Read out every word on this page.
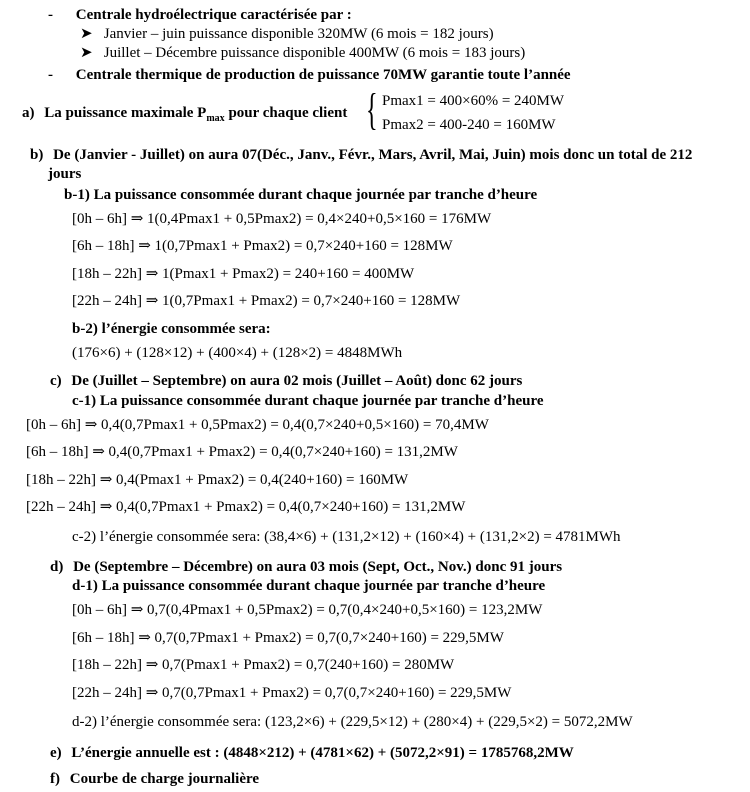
- Centrale hydroélectrique caractérisée par :
➤ Janvier – juin puissance disponible 320MW (6 mois = 182 jours)
➤ Juillet – Décembre puissance disponible 400MW (6 mois = 183 jours)
- Centrale thermique de production de puissance 70MW garantie toute l’année
a) La puissance maximale $P_{max}$ pour chaque client { Pmax1 = 400×60% = 240MW
Pmax2 = 400-240 = 160MW
b) De (Janvier - Juillet) on aura 07(Déc., Janv., Févr., Mars, Avril, Mai, Juin) mois donc un total de 212
jours
b-1) La puissance consommée durant chaque journée par tranche d’heure
[0h – 6h] ⇒ 1(0,4Pmax1 + 0,5Pmax2) = 0,4×240+0,5×160 = 176MW
[6h – 18h] ⇒ 1(0,7Pmax1 + Pmax2) = 0,7×240+160 = 128MW
[18h – 22h] ⇒ 1(Pmax1 + Pmax2) = 240+160 = 400MW
[22h – 24h] ⇒ 1(0,7Pmax1 + Pmax2) = 0,7×240+160 = 128MW
b-2) l’énergie consommée sera:
(176×6) + (128×12) + (400×4) + (128×2) = 4848MWh
c) De (Juillet – Septembre) on aura 02 mois (Juillet – Août) donc 62 jours
c-1) La puissance consommée durant chaque journée par tranche d’heure
[0h – 6h] ⇒ 0,4(0,7Pmax1 + 0,5Pmax2) = 0,4(0,7×240+0,5×160) = 70,4MW
[6h – 18h] ⇒ 0,4(0,7Pmax1 + Pmax2) = 0,4(0,7×240+160) = 131,2MW
[18h – 22h] ⇒ 0,4(Pmax1 + Pmax2) = 0,4(240+160) = 160MW
[22h – 24h] ⇒ 0,4(0,7Pmax1 + Pmax2) = 0,4(0,7×240+160) = 131,2MW
c-2) l’énergie consommée sera: (38,4×6) + (131,2×12) + (160×4) + (131,2×2) = 4781MWh
d) De (Septembre – Décembre) on aura 03 mois (Sept, Oct., Nov.) donc 91 jours
d-1) La puissance consommée durant chaque journée par tranche d’heure
[0h – 6h] ⇒ 0,7(0,4Pmax1 + 0,5Pmax2) = 0,7(0,4×240+0,5×160) = 123,2MW
[6h – 18h] ⇒ 0,7(0,7Pmax1 + Pmax2) = 0,7(0,7×240+160) = 229,5MW
[18h – 22h] ⇒ 0,7(Pmax1 + Pmax2) = 0,7(240+160) = 280MW
[22h – 24h] ⇒ 0,7(0,7Pmax1 + Pmax2) = 0,7(0,7×240+160) = 229,5MW
d-2) l’énergie consommée sera: (123,2×6) + (229,5×12) + (280×4) + (229,5×2) = 5072,2MW
e) L’énergie annuelle est : (4848×212) + (4781×62) + (5072,2×91) = 1785768,2MW
f) Courbe de charge journalière
